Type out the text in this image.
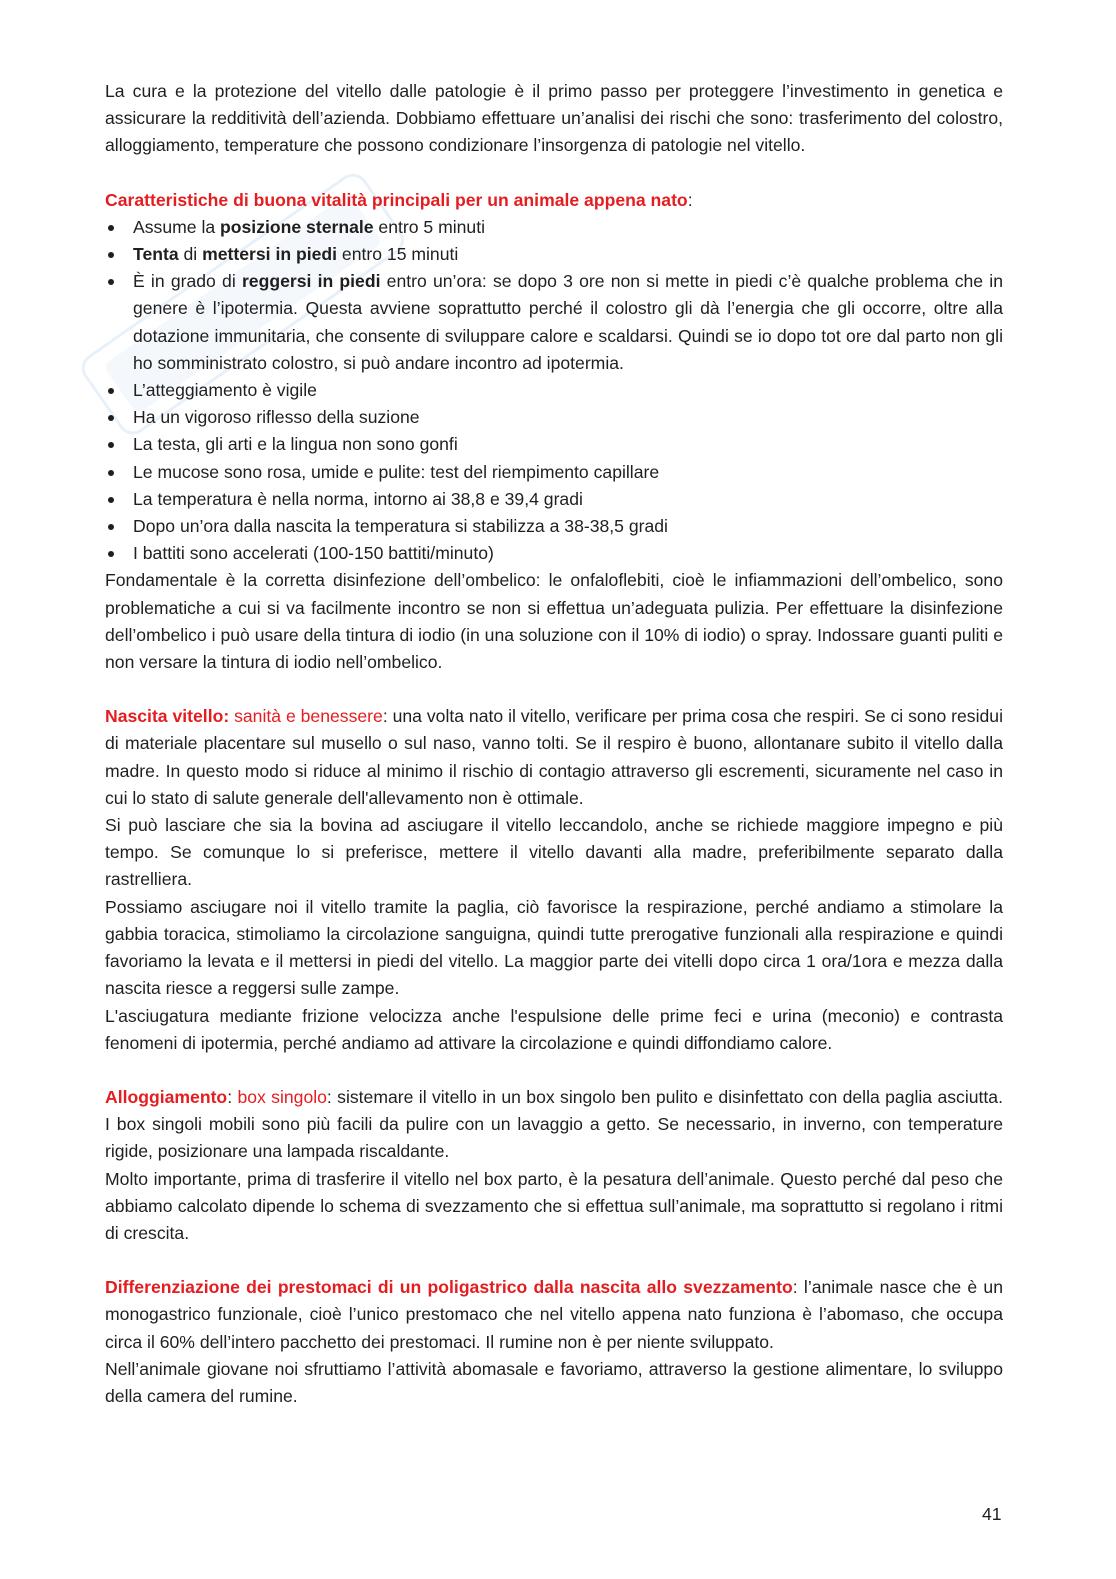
La cura e la protezione del vitello dalle patologie è il primo passo per proteggere l’investimento in genetica e assicurare la redditività dell’azienda. Dobbiamo effettuare un’analisi dei rischi che sono: trasferimento del colostro, alloggiamento, temperature che possono condizionare l’insorgenza di patologie nel vitello.

Caratteristiche di buona vitalità principali per un animale appena nato:

Assume la posizione sternale entro 5 minuti
Tenta di mettersi in piedi entro 15 minuti
È in grado di reggersi in piedi entro un’ora: se dopo 3 ore non si mette in piedi c’è qualche problema che in genere è l’ipotermia. Questa avviene soprattutto perché il colostro gli dà l’energia che gli occorre, oltre alla dotazione immunitaria, che consente di sviluppare calore e scaldarsi. Quindi se io dopo tot ore dal parto non gli ho somministrato colostro, si può andare incontro ad ipotermia.
L’atteggiamento è vigile
Ha un vigoroso riflesso della suzione
La testa, gli arti e la lingua non sono gonfi
Le mucose sono rosa, umide e pulite: test del riempimento capillare
La temperatura è nella norma, intorno ai 38,8 e 39,4 gradi
Dopo un’ora dalla nascita la temperatura si stabilizza a 38-38,5 gradi
I battiti sono accelerati (100-150 battiti/minuto)

Fondamentale è la corretta disinfezione dell’ombelico: le onfaloflebiti, cioè le infiammazioni dell’ombelico, sono problematiche a cui si va facilmente incontro se non si effettua un’adeguata pulizia. Per effettuare la disinfezione dell’ombelico i può usare della tintura di iodio (in una soluzione con il 10% di iodio) o spray. Indossare guanti puliti e non versare la tintura di iodio nell’ombelico.

Nascita vitello: sanità e benessere: una volta nato il vitello, verificare per prima cosa che respiri. Se ci sono residui di materiale placentare sul musello o sul naso, vanno tolti. Se il respiro è buono, allontanare subito il vitello dalla madre. In questo modo si riduce al minimo il rischio di contagio attraverso gli escrementi, sicuramente nel caso in cui lo stato di salute generale dell'allevamento non è ottimale.

Si può lasciare che sia la bovina ad asciugare il vitello leccandolo, anche se richiede maggiore impegno e più tempo. Se comunque lo si preferisce, mettere il vitello davanti alla madre, preferibilmente separato dalla rastrelliera.

Possiamo asciugare noi il vitello tramite la paglia, ciò favorisce la respirazione, perché andiamo a stimolare la gabbia toracica, stimoliamo la circolazione sanguigna, quindi tutte prerogative funzionali alla respirazione e quindi favoriamo la levata e il mettersi in piedi del vitello. La maggior parte dei vitelli dopo circa 1 ora/1ora e mezza dalla nascita riesce a reggersi sulle zampe.

L'asciugatura mediante frizione velocizza anche l'espulsione delle prime feci e urina (meconio) e contrasta fenomeni di ipotermia, perché andiamo ad attivare la circolazione e quindi diffondiamo calore.

Alloggiamento: box singolo: sistemare il vitello in un box singolo ben pulito e disinfettato con della paglia asciutta. I box singoli mobili sono più facili da pulire con un lavaggio a getto. Se necessario, in inverno, con temperature rigide, posizionare una lampada riscaldante.

Molto importante, prima di trasferire il vitello nel box parto, è la pesatura dell’animale. Questo perché dal peso che abbiamo calcolato dipende lo schema di svezzamento che si effettua sull’animale, ma soprattutto si regolano i ritmi di crescita.

Differenziazione dei prestomaci di un poligastrico dalla nascita allo svezzamento: l’animale nasce che è un monogastrico funzionale, cioè l’unico prestomaco che nel vitello appena nato funziona è l’abomaso, che occupa circa il 60% dell’intero pacchetto dei prestomaci. Il rumine non è per niente sviluppato.

Nell’animale giovane noi sfruttiamo l’attività abomasale e favoriamo, attraverso la gestione alimentare, lo sviluppo della camera del rumine.

41
